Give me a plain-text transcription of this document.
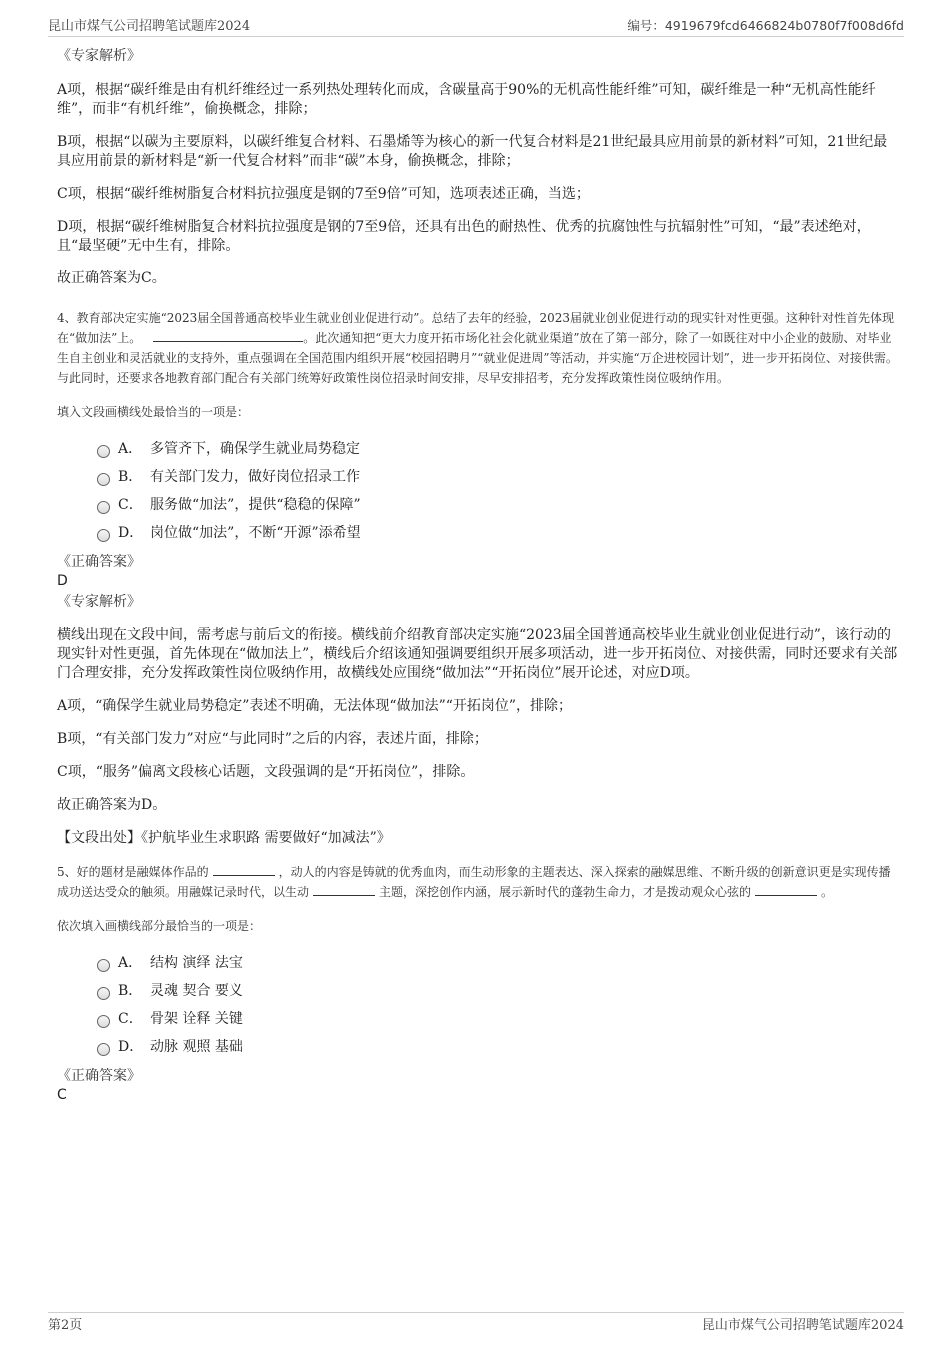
昆山市煤气公司招聘笔试题库2024	编号：4919679fcd6466824b0780f7f008d6fd

《专家解析》

A项，根据“碳纤维是由有机纤维经过一系列热处理转化而成，含碳量高于90%的无机高性能纤维”可知，碳纤维是一种“无机高性能纤维”，而非“有机纤维”，偷换概念，排除；

B项，根据“以碳为主要原料，以碳纤维复合材料、石墨烯等为核心的新一代复合材料是21世纪最具应用前景的新材料”可知，21世纪最具应用前景的新材料是“新一代复合材料”而非“碳”本身，偷换概念，排除；

C项，根据“碳纤维树脂复合材料抗拉强度是钢的7至9倍”可知，选项表述正确，当选；

D项，根据“碳纤维树脂复合材料抗拉强度是钢的7至9倍，还具有出色的耐热性、优秀的抗腐蚀性与抗辐射性”可知，“最”表述绝对，且“最坚硬”无中生有，排除。

故正确答案为C。

4、教育部决定实施“2023届全国普通高校毕业生就业创业促进行动”。总结了去年的经验，2023届就业创业促进行动的现实针对性更强。这种针对性首先体现在“做加法”上。	。此次通知把“更大力度开拓市场化社会化就业渠道”放在了第一部分，除了一如既往对中小企业的鼓励、对毕业生自主创业和灵活就业的支持外，重点强调在全国范围内组织开展“校园招聘月”“就业促进周”等活动，并实施“万企进校园计划”，进一步开拓岗位、对接供需。与此同时，还要求各地教育部门配合有关部门统筹好政策性岗位招录时间安排，尽早安排招考，充分发挥政策性岗位吸纳作用。

填入文段画横线处最恰当的一项是：

A． 多管齐下，确保学生就业局势稳定
B． 有关部门发力，做好岗位招录工作
C． 服务做“加法”，提供“稳稳的保障”
D． 岗位做“加法”，不断“开源”添希望

《正确答案》

D

《专家解析》

横线出现在文段中间，需考虑与前后文的衔接。横线前介绍教育部决定实施“2023届全国普通高校毕业生就业创业促进行动”，该行动的现实针对性更强，首先体现在“做加法上”，横线后介绍该通知强调要组织开展多项活动，进一步开拓岗位、对接供需，同时还要求有关部门合理安排，充分发挥政策性岗位吸纳作用，故横线处应围绕“做加法”“开拓岗位”展开论述，对应D项。

A项，“确保学生就业局势稳定”表述不明确，无法体现“做加法”“开拓岗位”，排除；

B项，“有关部门发力”对应“与此同时”之后的内容，表述片面，排除；

C项，“服务”偏离文段核心话题，文段强调的是“开拓岗位”，排除。

故正确答案为D。

【文段出处】《护航毕业生求职路 需要做好“加减法”》

5、好的题材是融媒体作品的	，动人的内容是铸就的优秀血肉，而生动形象的主题表达、深入探索的融媒思维、不断升级的创新意识更是实现传播成功送达受众的触须。用融媒记录时代，以生动	主题，深挖创作内涵，展示新时代的蓬勃生命力，才是拨动观众心弦的	。

依次填入画横线部分最恰当的一项是：

A． 结构 演绎 法宝
B． 灵魂 契合 要义
C． 骨架 诠释 关键
D． 动脉 观照 基础

《正确答案》

C

第2页	昆山市煤气公司招聘笔试题库2024
